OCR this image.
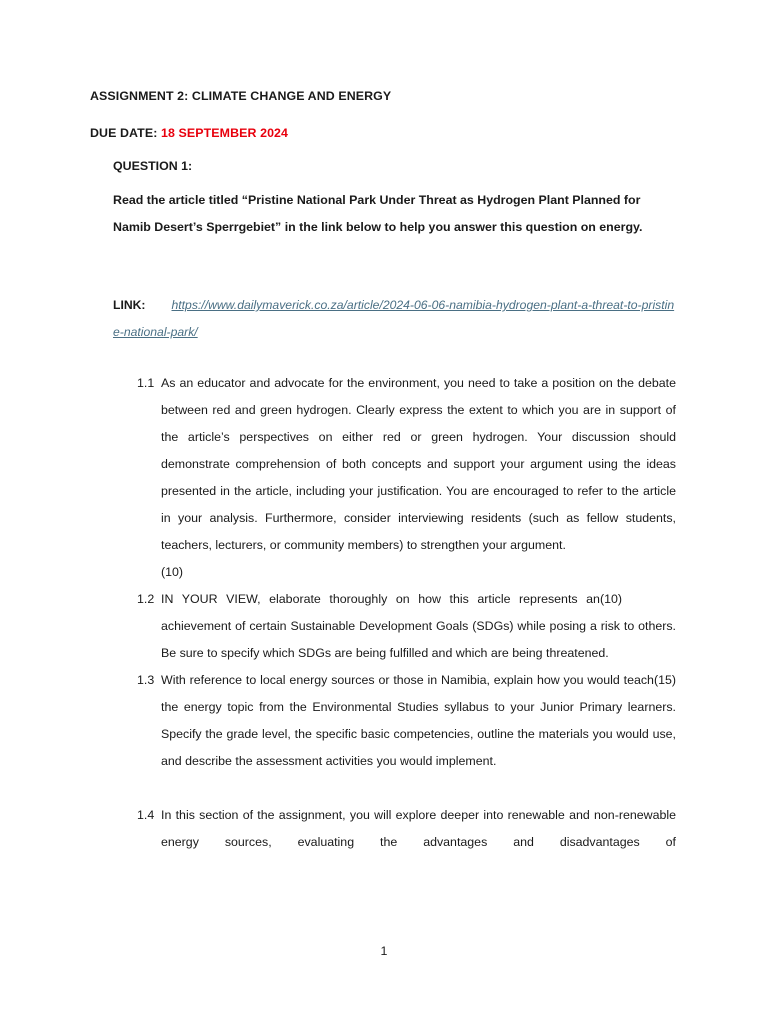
ASSIGNMENT 2: CLIMATE CHANGE AND ENERGY
DUE DATE: 18 SEPTEMBER 2024
QUESTION 1:

Read the article titled “Pristine National Park Under Threat as Hydrogen Plant Planned for Namib Desert’s Sperrgebiet” in the link below to help you answer this question on energy.

LINK: https://www.dailymaverick.co.za/article/2024-06-06-namibia-hydrogen-plant-a-threat-to-pristine-national-park/
1.1 As an educator and advocate for the environment, you need to take a position on the debate between red and green hydrogen. Clearly express the extent to which you are in support of the article’s perspectives on either red or green hydrogen. Your discussion should demonstrate comprehension of both concepts and support your argument using the ideas presented in the article, including your justification. You are encouraged to refer to the article in your analysis. Furthermore, consider interviewing residents (such as fellow students, teachers, lecturers, or community members) to strengthen your argument.

(10)
1.2	(10)

IN YOUR VIEW, elaborate thoroughly on how this article represents an achievement of certain Sustainable Development Goals (SDGs) while posing a risk to others. Be sure to specify which SDGs are being fulfilled and which are being threatened.

1.3	(15)

With reference to local energy sources or those in Namibia, explain how you would teach the energy topic from the Environmental Studies syllabus to your Junior Primary learners. Specify the grade level, the specific basic competencies, outline the materials you would use, and describe the assessment activities you would implement.

1.4 In this section of the assignment, you will explore deeper into renewable and non-renewable energy sources, evaluating the advantages and disadvantages of

1
